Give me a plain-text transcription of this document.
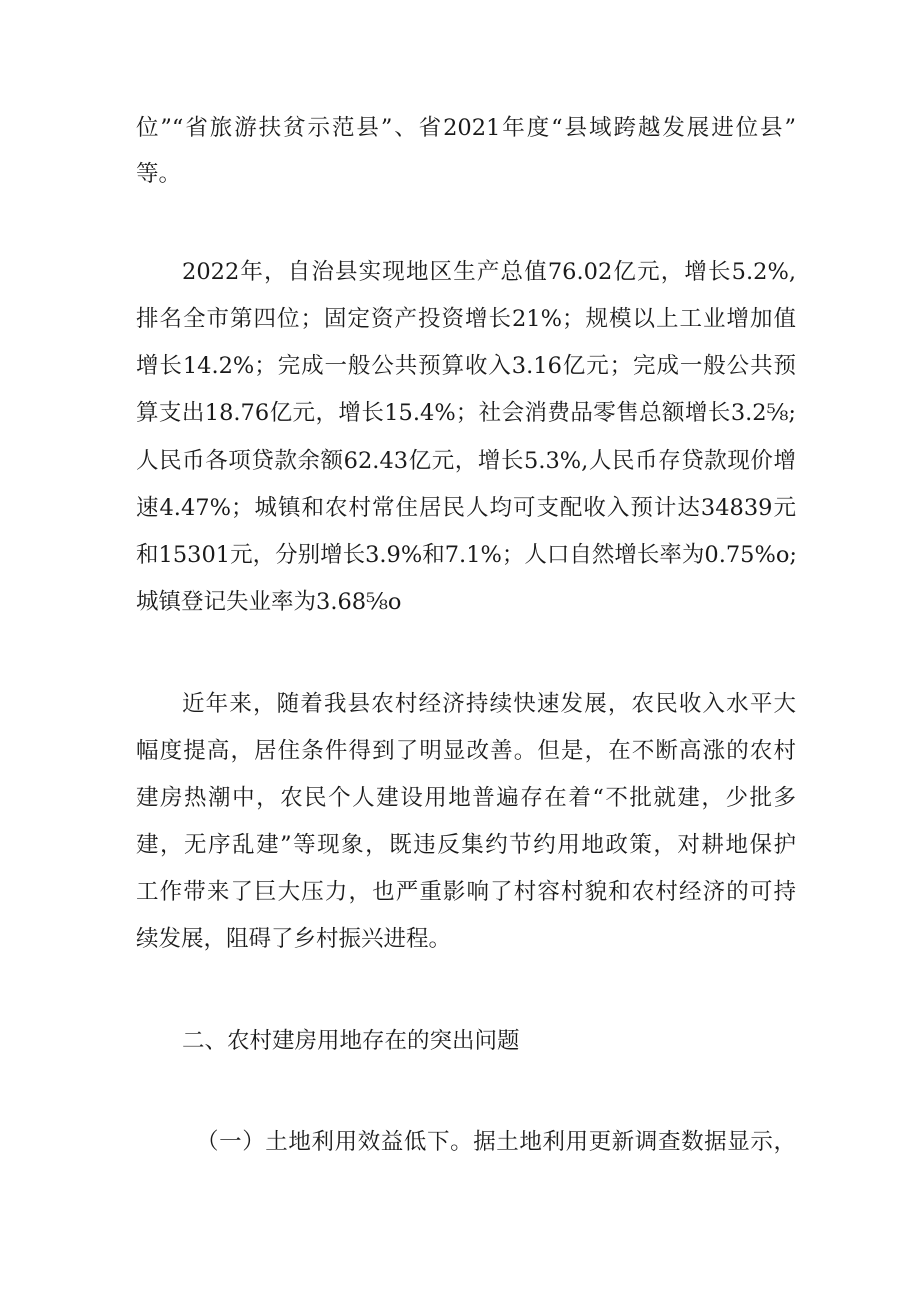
位”“省旅游扶贫示范县”、省2021年度“县域跨越发展进位县”
等。
2022年，自治县实现地区生产总值76.02亿元，增长5.2%,
排名全市第四位；固定资产投资增长21%；规模以上工业增加值
增长14.2%；完成一般公共预算收入3.16亿元；完成一般公共预
算支出18.76亿元，增长15.4%；社会消费品零售总额增长3.2⅝;
人民币各项贷款余额62.43亿元，增长5.3%,人民币存贷款现价增
速4.47%；城镇和农村常住居民人均可支配收入预计达34839元
和15301元，分别增长3.9%和7.1%；人口自然增长率为0.75%o;
城镇登记失业率为3.68⅝o
近年来，随着我县农村经济持续快速发展，农民收入水平大
幅度提高，居住条件得到了明显改善。但是，在不断高涨的农村
建房热潮中，农民个人建设用地普遍存在着“不批就建，少批多
建，无序乱建”等现象，既违反集约节约用地政策，对耕地保护
工作带来了巨大压力，也严重影响了村容村貌和农村经济的可持
续发展，阻碍了乡村振兴进程。
二、农村建房用地存在的突出问题
（一）土地利用效益低下。据土地利用更新调查数据显示，
